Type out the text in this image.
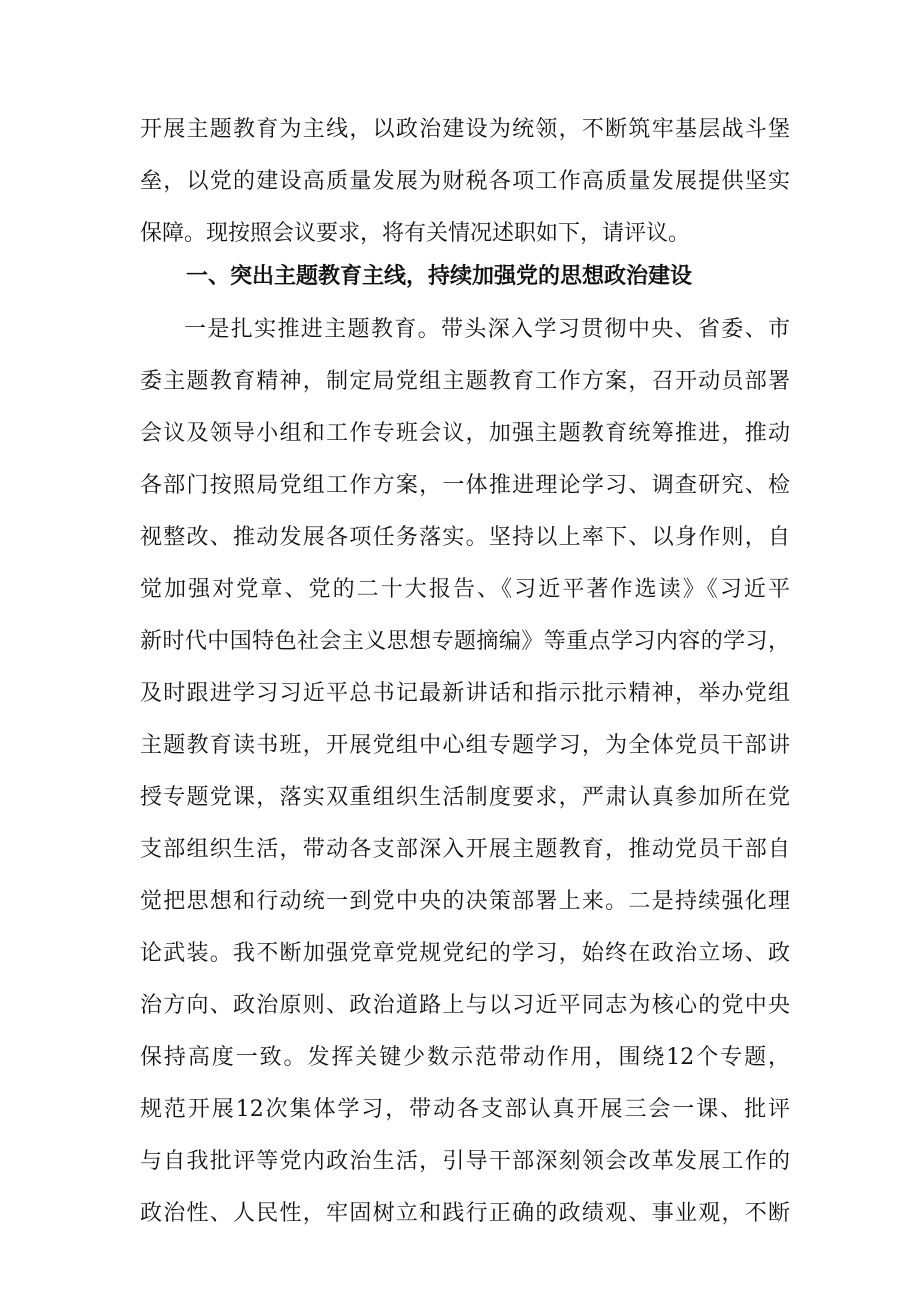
开展主题教育为主线，以政治建设为统领，不断筑牢基层战斗堡
垒，以党的建设高质量发展为财税各项工作高质量发展提供坚实
保障。现按照会议要求，将有关情况述职如下，请评议。
一、突出主题教育主线，持续加强党的思想政治建设
一是扎实推进主题教育。带头深入学习贯彻中央、省委、市
委主题教育精神，制定局党组主题教育工作方案，召开动员部署
会议及领导小组和工作专班会议，加强主题教育统筹推进，推动
各部门按照局党组工作方案，一体推进理论学习、调查研究、检
视整改、推动发展各项任务落实。坚持以上率下、以身作则，自
觉加强对党章、党的二十大报告、《习近平著作选读》《习近平
新时代中国特色社会主义思想专题摘编》等重点学习内容的学习，
及时跟进学习习近平总书记最新讲话和指示批示精神，举办党组
主题教育读书班，开展党组中心组专题学习，为全体党员干部讲
授专题党课，落实双重组织生活制度要求，严肃认真参加所在党
支部组织生活，带动各支部深入开展主题教育，推动党员干部自
觉把思想和行动统一到党中央的决策部署上来。二是持续强化理
论武装。我不断加强党章党规党纪的学习，始终在政治立场、政
治方向、政治原则、政治道路上与以习近平同志为核心的党中央
保持高度一致。发挥关键少数示范带动作用，围绕12个专题，
规范开展12次集体学习，带动各支部认真开展三会一课、批评
与自我批评等党内政治生活，引导干部深刻领会改革发展工作的
政治性、人民性，牢固树立和践行正确的政绩观、事业观，不断
